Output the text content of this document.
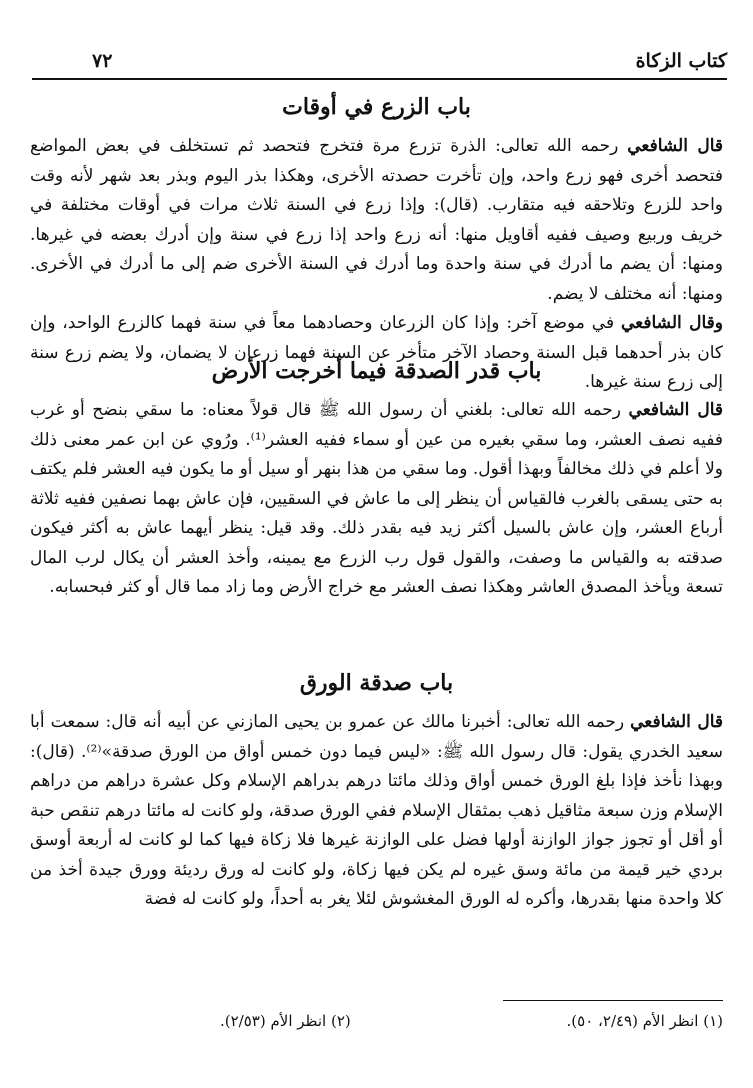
كتاب الزكاة
٧٢
باب الزرع في أوقات

قال الشافعي رحمه الله تعالى: الذرة تزرع مرة فتخرج فتحصد ثم تستخلف في بعض المواضع فتحصد أخرى فهو زرع واحد، وإن تأخرت حصدته الأخرى، وهكذا بذر اليوم وبذر بعد شهر لأنه وقت واحد للزرع وتلاحقه فيه متقارب. (قال): وإذا زرع في السنة ثلاث مرات في أوقات مختلفة في خريف وربيع وصيف ففيه أقاويل منها: أنه زرع واحد إذا زرع في سنة وإن أدرك بعضه في غيرها. ومنها: أن يضم ما أدرك في سنة واحدة وما أدرك في السنة الأخرى ضم إلى ما أدرك في الأخرى. ومنها: أنه مختلف لا يضم.

وقال الشافعي في موضع آخر: وإذا كان الزرعان وحصادهما معاً في سنة فهما كالزرع الواحد، وإن كان بذر أحدهما قبل السنة وحصاد الآخر متأخر عن السنة فهما زرعان لا يضمان، ولا يضم زرع سنة إلى زرع سنة غيرها.

باب قدر الصدقة فيما أخرجت الأرض

قال الشافعي رحمه الله تعالى: بلغني أن رسول الله ﷺ قال قولاً معناه: ما سقي بنضح أو غرب ففيه نصف العشر، وما سقي بغيره من عين أو سماء ففيه العشر⁽¹⁾. ورُوي عن ابن عمر معنى ذلك ولا أعلم في ذلك مخالفاً وبهذا أقول. وما سقي من هذا بنهر أو سيل أو ما يكون فيه العشر فلم يكتف به حتى يسقى بالغرب فالقياس أن ينظر إلى ما عاش في السقيين، فإن عاش بهما نصفين ففيه ثلاثة أرباع العشر، وإن عاش بالسيل أكثر زيد فيه بقدر ذلك. وقد قيل: ينظر أيهما عاش به أكثر فيكون صدقته به والقياس ما وصفت، والقول قول رب الزرع مع يمينه، وأخذ العشر أن يكال لرب المال تسعة ويأخذ المصدق العاشر وهكذا نصف العشر مع خراج الأرض وما زاد مما قال أو كثر فبحسابه.

باب صدقة الورق

قال الشافعي رحمه الله تعالى: أخبرنا مالك عن عمرو بن يحيى المازني عن أبيه أنه قال: سمعت أبا سعيد الخدري يقول: قال رسول الله ﷺ: «ليس فيما دون خمس أواق من الورق صدقة»⁽²⁾. (قال): وبهذا نأخذ فإذا بلغ الورق خمس أواق وذلك مائتا درهم بدراهم الإسلام وكل عشرة دراهم من دراهم الإسلام وزن سبعة مثاقيل ذهب بمثقال الإسلام ففي الورق صدقة، ولو كانت له مائتا درهم تنقص حبة أو أقل أو تجوز جواز الوازنة أولها فضل على الوازنة غيرها فلا زكاة فيها كما لو كانت له أربعة أوسق بردي خير قيمة من مائة وسق غيره لم يكن فيها زكاة، ولو كانت له ورق رديئة وورق جيدة أخذ من كلا واحدة منها بقدرها، وأكره له الورق المغشوش لئلا يغر به أحداً، ولو كانت له فضة

(١) انظر الأم (٢/٤٩، ٥٠).
(٢) انظر الأم (٢/٥٣).
